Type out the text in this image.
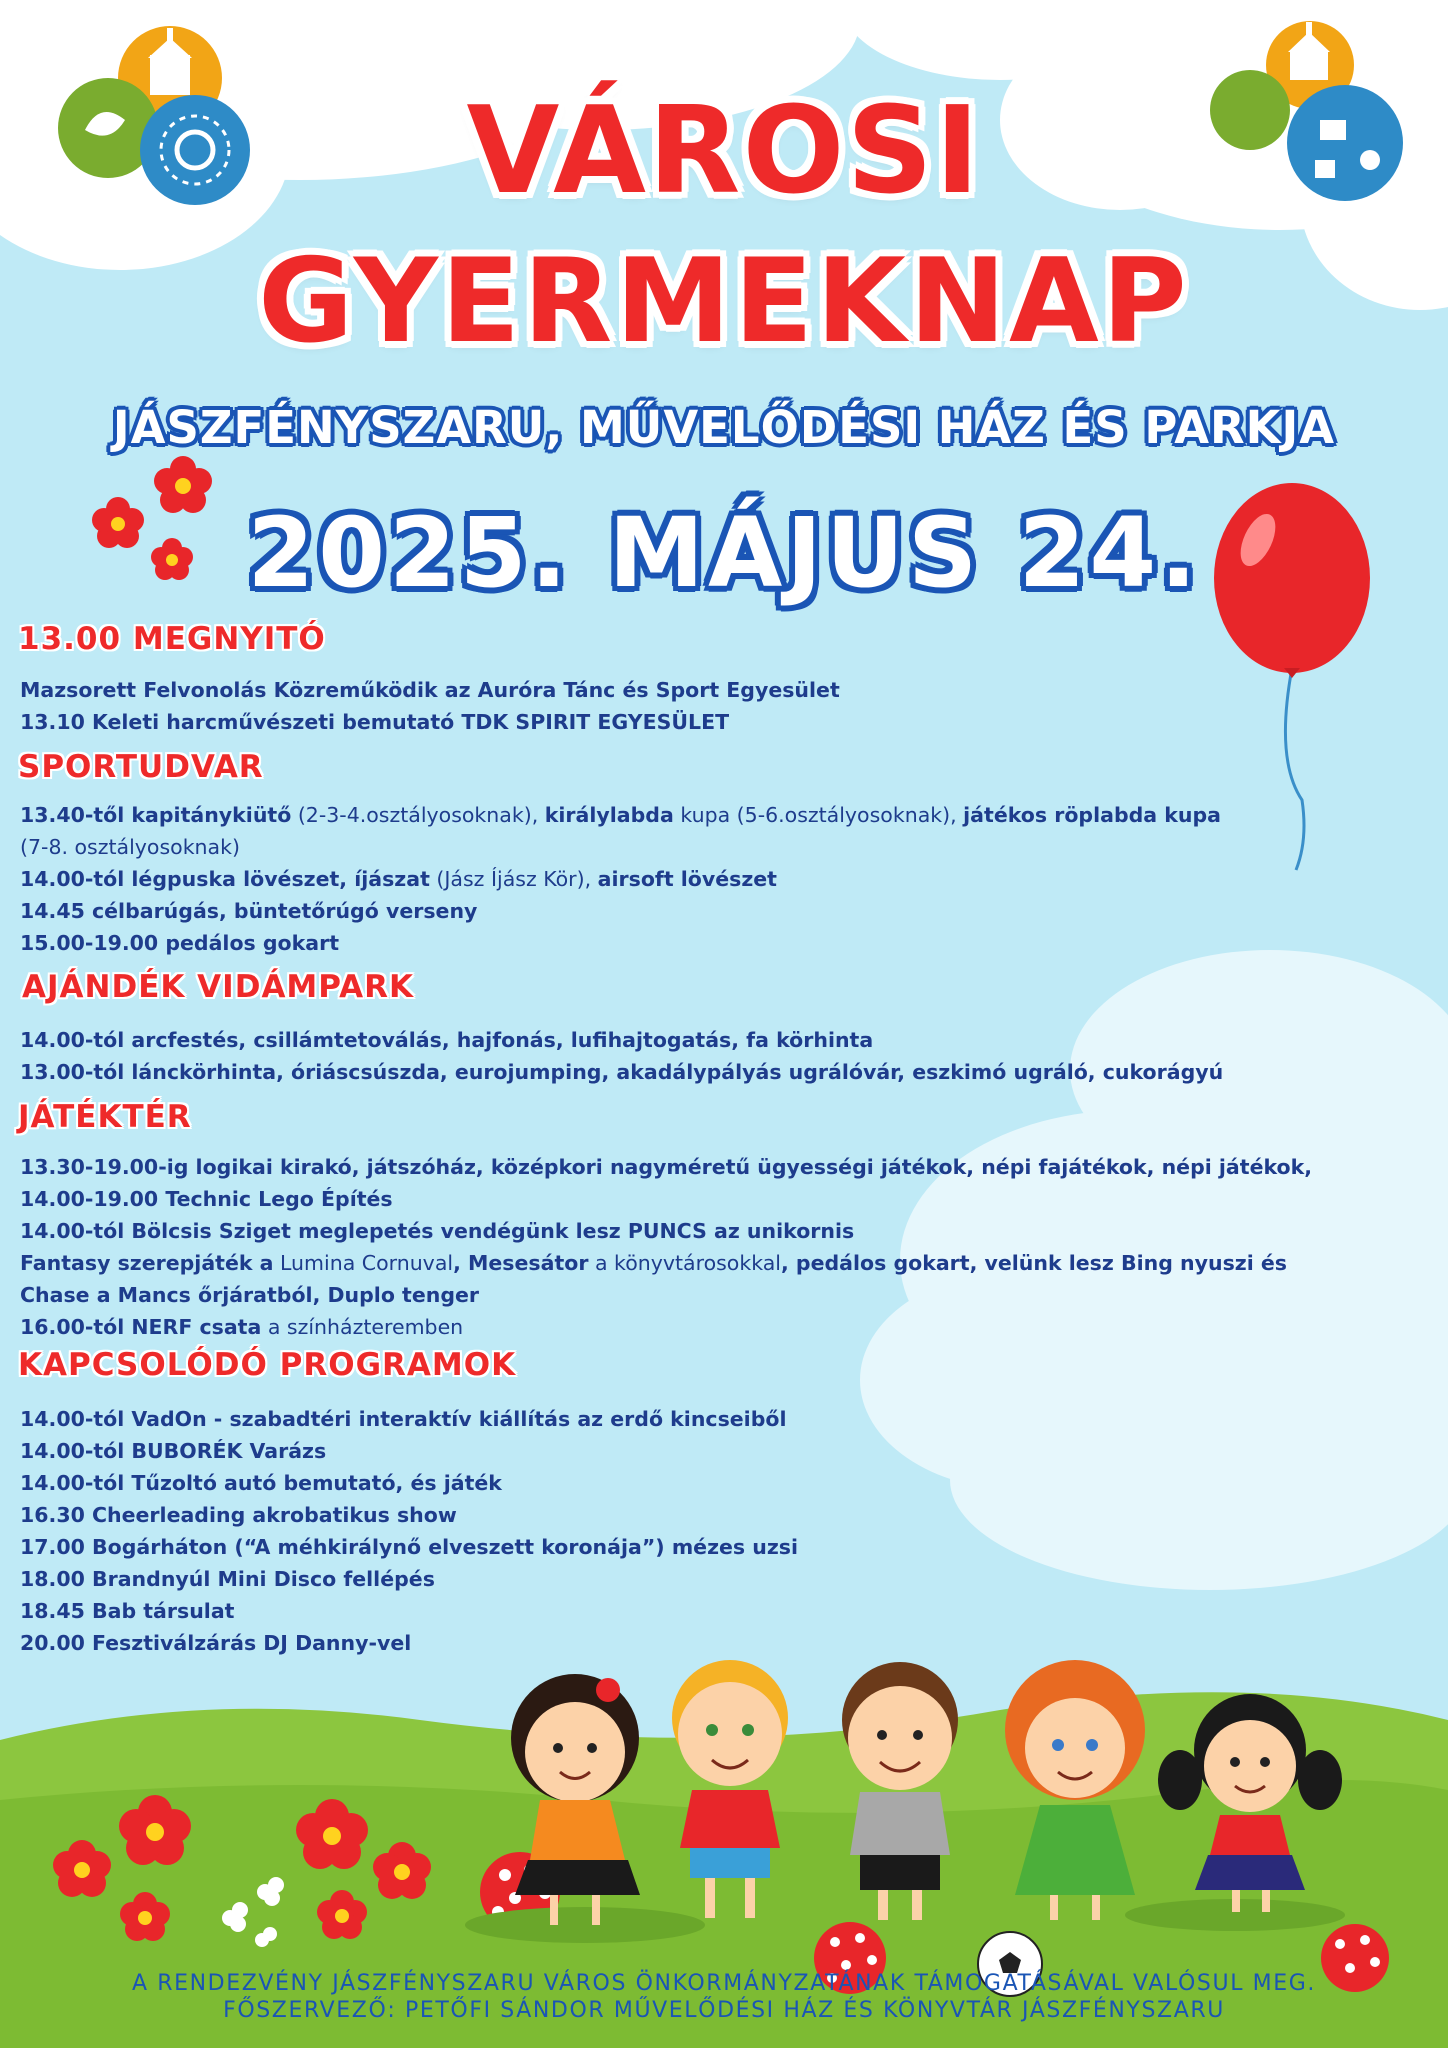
VÁROSI
GYERMEKNAP
JÁSZFÉNYSZARU, MŰVELŐDÉSI HÁZ ÉS PARKJA
2025. MÁJUS 24.
13.00 MEGNYITÓ
Mazsorett Felvonolás Közreműködik az Auróra Tánc és Sport Egyesület
13.10 Keleti harcművészeti bemutató TDK SPIRIT EGYESÜLET
SPORTUDVAR
13.40-től kapitánykiütő (2-3-4.osztályosoknak), királylabda kupa (5-6.osztályosoknak), játékos röplabda kupa
(7-8. osztályosoknak)
14.00-tól légpuska lövészet, íjászat (Jász Íjász Kör), airsoft lövészet
14.45 célbarúgás, büntetőrúgó verseny
15.00-19.00 pedálos gokart
AJÁNDÉK VIDÁMPARK
14.00-tól arcfestés, csillámtetoválás, hajfonás, lufihajtogatás, fa körhinta
13.00-tól lánckörhinta, óriáscsúszda, eurojumping, akadálypályás ugrálóvár, eszkimó ugráló, cukorágyú
JÁTÉKTÉR
13.30-19.00-ig logikai kirakó, játszóház, középkori nagyméretű ügyességi játékok, népi fajátékok, népi játékok,
14.00-19.00 Technic Lego Építés
14.00-tól Bölcsis Sziget meglepetés vendégünk lesz PUNCS az unikornis
Fantasy szerepjáték a Lumina Cornuval, Mesesátor a könyvtárosokkal, pedálos gokart, velünk lesz Bing nyuszi és
Chase a Mancs őrjáratból, Duplo tenger
16.00-tól NERF csata a színházteremben
KAPCSOLÓDÓ PROGRAMOK
14.00-tól VadOn - szabadtéri interaktív kiállítás az erdő kincseiből
14.00-tól BUBORÉK Varázs
14.00-tól Tűzoltó autó bemutató, és játék
16.30 Cheerleading akrobatikus show
17.00 Bogárháton (“A méhkirálynő elveszett koronája”) mézes uzsi
18.00 Brandnyúl Mini Disco fellépés
18.45 Bab társulat
20.00 Fesztiválzárás DJ Danny-vel
A RENDEZVÉNY JÁSZFÉNYSZARU VÁROS ÖNKORMÁNYZATÁNAK TÁMOGATÁSÁVAL VALÓSUL MEG.
FŐSZERVEZŐ: PETŐFI SÁNDOR MŰVELŐDÉSI HÁZ ÉS KÖNYVTÁR JÁSZFÉNYSZARU
